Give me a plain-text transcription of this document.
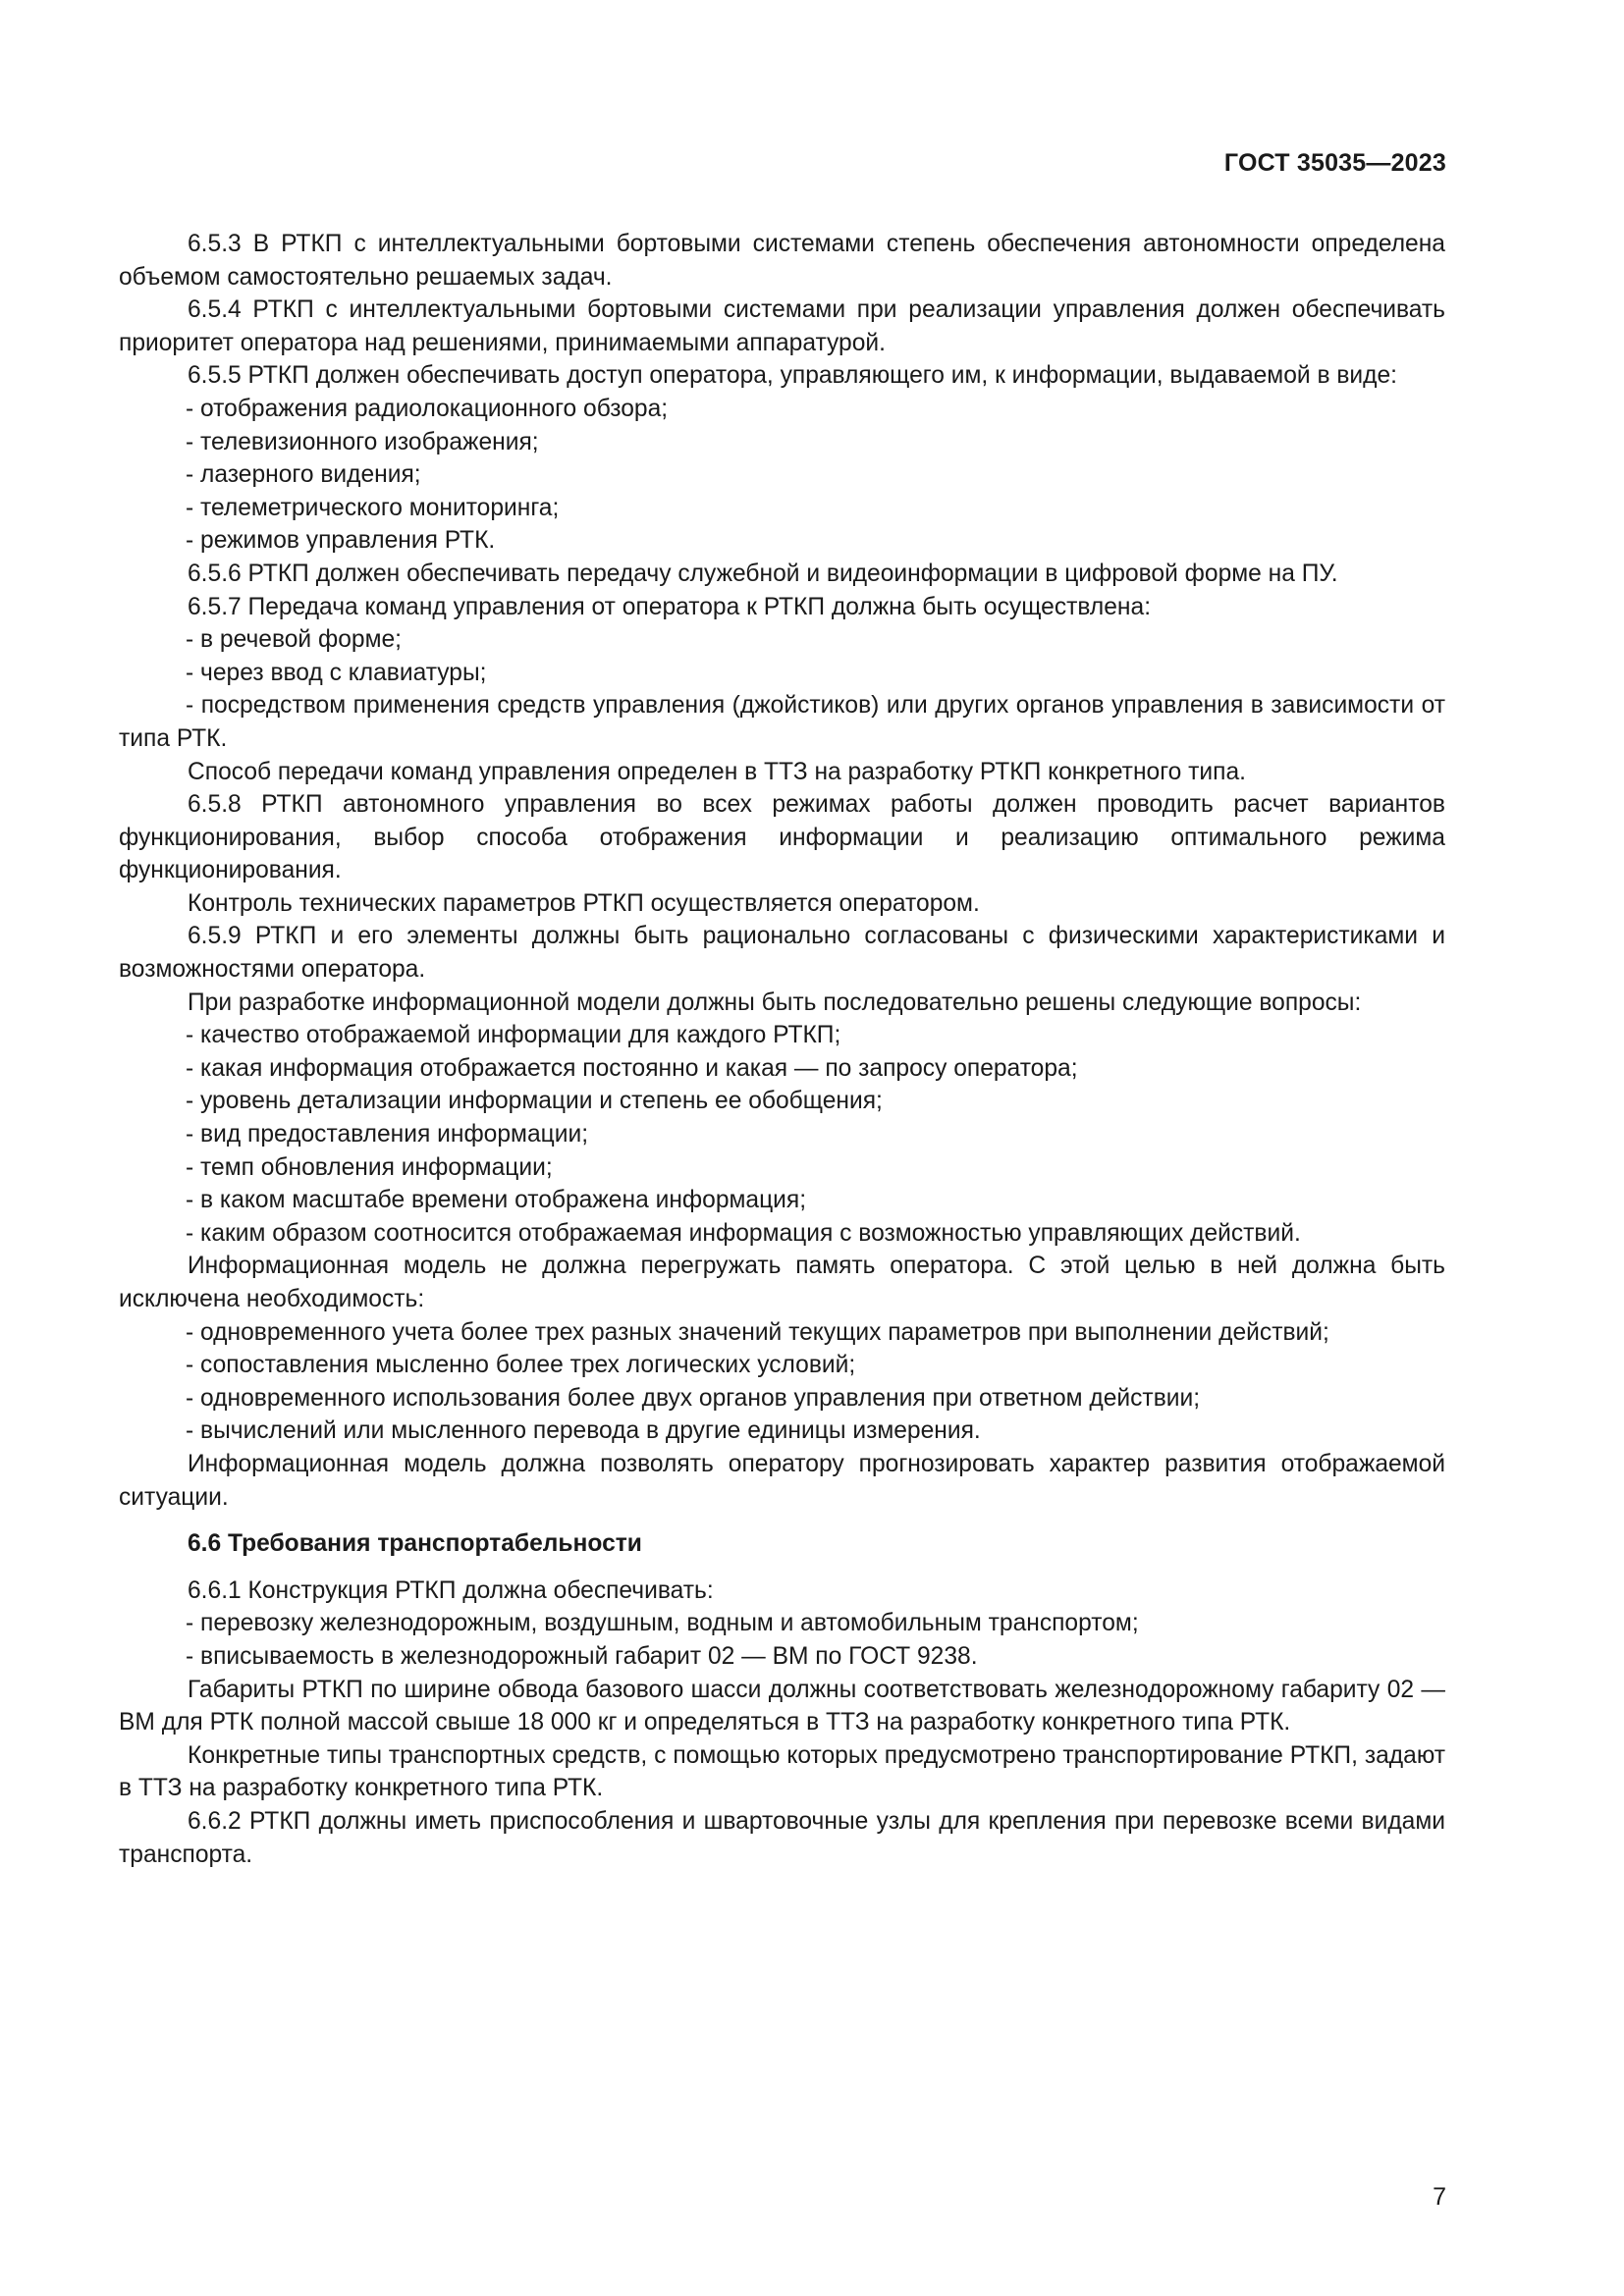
ГОСТ 35035—2023

6.5.3 В РТКП с интеллектуальными бортовыми системами степень обеспечения автономности определена объемом самостоятельно решаемых задач.

6.5.4 РТКП с интеллектуальными бортовыми системами при реализации управления должен обеспечивать приоритет оператора над решениями, принимаемыми аппаратурой.

6.5.5 РТКП должен обеспечивать доступ оператора, управляющего им, к информации, выдаваемой в виде:

- отображения радиолокационного обзора;

- телевизионного изображения;

- лазерного видения;

- телеметрического мониторинга;

- режимов управления РТК.

6.5.6 РТКП должен обеспечивать передачу служебной и видеоинформации в цифровой форме на ПУ.

6.5.7 Передача команд управления от оператора к РТКП должна быть осуществлена:

- в речевой форме;

- через ввод с клавиатуры;

- посредством применения средств управления (джойстиков) или других органов управления в зависимости от типа РТК.

Способ передачи команд управления определен в ТТЗ на разработку РТКП конкретного типа.

6.5.8 РТКП автономного управления во всех режимах работы должен проводить расчет вариантов функционирования, выбор способа отображения информации и реализацию оптимального режима функционирования.

Контроль технических параметров РТКП осуществляется оператором.

6.5.9 РТКП и его элементы должны быть рационально согласованы с физическими характеристиками и возможностями оператора.

При разработке информационной модели должны быть последовательно решены следующие вопросы:

- качество отображаемой информации для каждого РТКП;

- какая информация отображается постоянно и какая — по запросу оператора;

- уровень детализации информации и степень ее обобщения;

- вид предоставления информации;

- темп обновления информации;

- в каком масштабе времени отображена информация;

- каким образом соотносится отображаемая информация с возможностью управляющих действий.

Информационная модель не должна перегружать память оператора. С этой целью в ней должна быть исключена необходимость:

- одновременного учета более трех разных значений текущих параметров при выполнении действий;

- сопоставления мысленно более трех логических условий;

- одновременного использования более двух органов управления при ответном действии;

- вычислений или мысленного перевода в другие единицы измерения.

Информационная модель должна позволять оператору прогнозировать характер развития отображаемой ситуации.

6.6 Требования транспортабельности

6.6.1 Конструкция РТКП должна обеспечивать:

- перевозку железнодорожным, воздушным, водным и автомобильным транспортом;

- вписываемость в железнодорожный габарит 02 — ВМ по ГОСТ 9238.

Габариты РТКП по ширине обвода базового шасси должны соответствовать железнодорожному габариту 02 — ВМ для РТК полной массой свыше 18 000 кг и определяться в ТТЗ на разработку конкретного типа РТК.

Конкретные типы транспортных средств, с помощью которых предусмотрено транспортирование РТКП, задают в ТТЗ на разработку конкретного типа РТК.

6.6.2 РТКП должны иметь приспособления и швартовочные узлы для крепления при перевозке всеми видами транспорта.

7
